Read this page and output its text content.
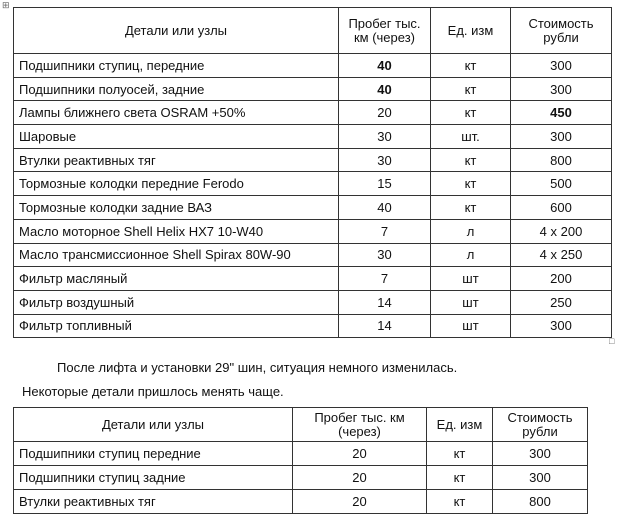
⊞
Детали или узлы	Пробег тыс. км (через)	Ед. изм	Стоимость рубли
Подшипники ступиц, передние	40	кт	300
Подшипники полуосей, задние	40	кт	300
Лампы ближнего света OSRAM +50%	20	кт	450
Шаровые	30	шт.	300
Втулки реактивных тяг	30	кт	800
Тормозные колодки передние Ferodo	15	кт	500
Тормозные колодки задние ВАЗ	40	кт	600
Масло моторное Shell Helix HX7 10-W40	7	л	4 х 200
Масло трансмиссионное Shell Spirax 80W-90	30	л	4 х 250
Фильтр масляный	7	шт	200
Фильтр воздушный	14	шт	250
Фильтр топливный	14	шт	300
□
После лифта и установки 29" шин, ситуация немного изменилась.
Некоторые детали пришлось менять чаще.
Детали или узлы	Пробег тыс. км (через)	Ед. изм	Стоимость рубли
Подшипники ступиц передние	20	кт	300
Подшипники ступиц задние	20	кт	300
Втулки реактивных тяг	20	кт	800
